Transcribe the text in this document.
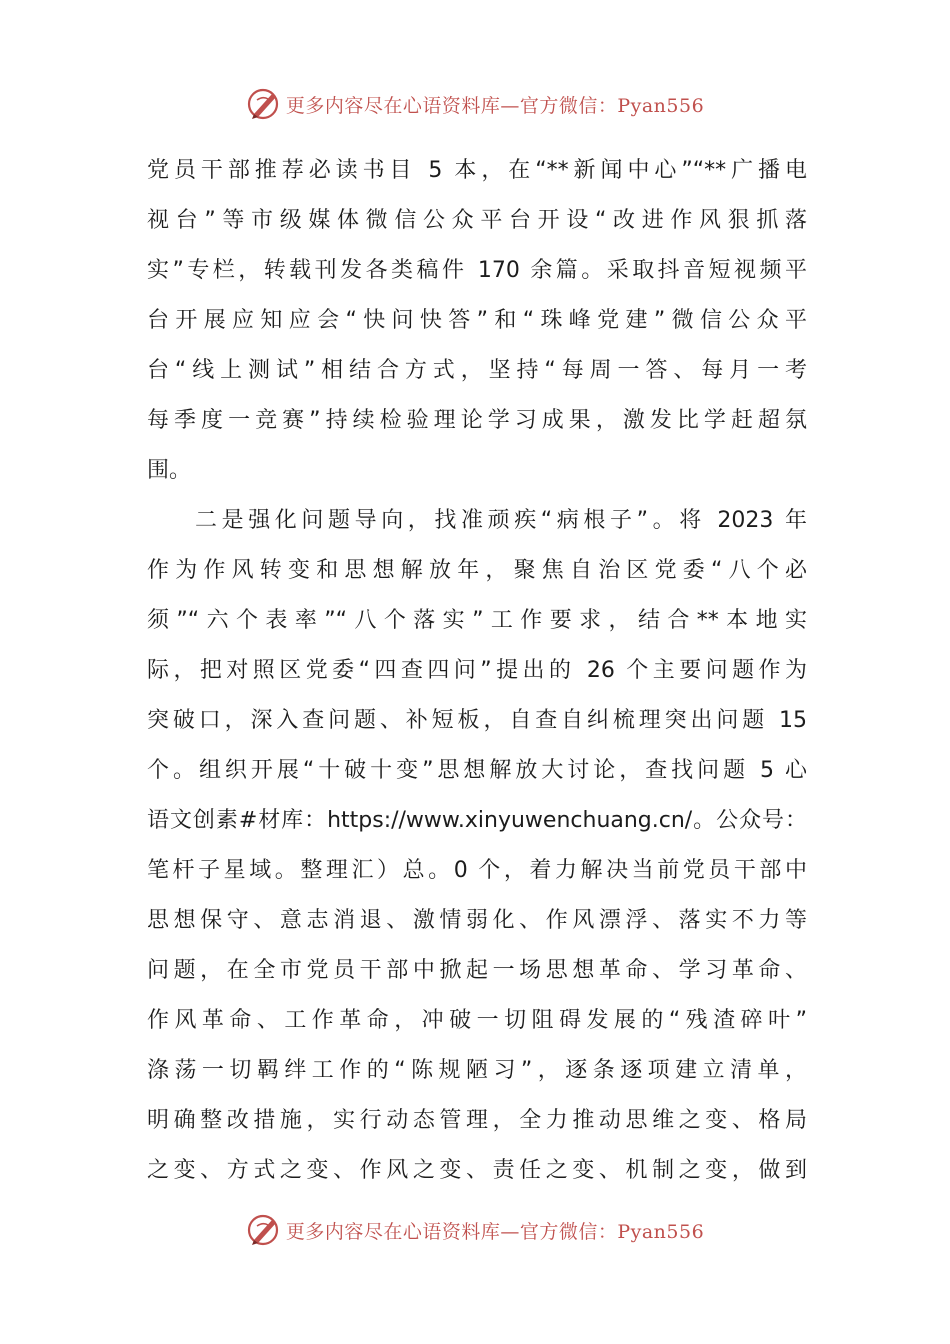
更多内容尽在心语资料库—官方微信：Pyan556
党员干部推荐必读书目 5 本，在“**新闻中心”“**广播电
视台”等市级媒体微信公众平台开设“改进作风狠抓落
实”专栏，转载刊发各类稿件 170 余篇。采取抖音短视频平
台开展应知应会“快问快答”和“珠峰党建”微信公众平
台“线上测试”相结合方式，坚持“每周一答、每月一考
每季度一竞赛”持续检验理论学习成果，激发比学赶超氛
围。
二是强化问题导向，找准顽疾“病根子”。将 2023 年
作为作风转变和思想解放年，聚焦自治区党委“八个必
须”“六个表率”“八个落实”工作要求，结合**本地实
际，把对照区党委“四查四问”提出的 26 个主要问题作为
突破口，深入查问题、补短板，自查自纠梳理突出问题 15
个。组织开展“十破十变”思想解放大讨论，查找问题 5 心
语文创素#材库：https://www.xinyuwenchuang.cn/。公众号：
笔杆子星域。整理汇）总。0 个，着力解决当前党员干部中
思想保守、意志消退、激情弱化、作风漂浮、落实不力等
问题，在全市党员干部中掀起一场思想革命、学习革命、
作风革命、工作革命，冲破一切阻碍发展的“残渣碎叶”
涤荡一切羁绊工作的“陈规陋习”，逐条逐项建立清单，
明确整改措施，实行动态管理，全力推动思维之变、格局
之变、方式之变、作风之变、责任之变、机制之变，做到
更多内容尽在心语资料库—官方微信：Pyan556
